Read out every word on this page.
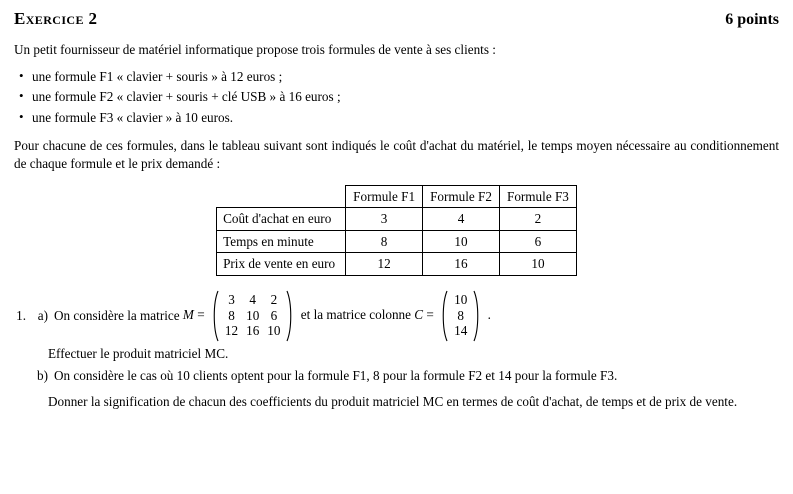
Exercice 2	6 points
Un petit fournisseur de matériel informatique propose trois formules de vente à ses clients :
• une formule F1 « clavier + souris » à 12 euros ;
• une formule F2 « clavier + souris + clé USB » à 16 euros ;
• une formule F3 « clavier » à 10 euros.
Pour chacune de ces formules, dans le tableau suivant sont indiqués le coût d'achat du matériel, le temps moyen nécessaire au conditionnement de chaque formule et le prix demandé :
	Formule F1	Formule F2	Formule F3
Coût d'achat en euro	3	4	2
Temps en minute	8	10	6
Prix de vente en euro	12	16	10
1. a) On considère la matrice M =
3	4	2
8 10 6
12 16 10
et la matrice colonne C =
10
8
14
.
Effectuer le produit matriciel MC.
b) On considère le cas où 10 clients optent pour la formule F1, 8 pour la formule F2 et 14 pour la formule F3.
Donner la signification de chacun des coefficients du produit matriciel MC en termes de coût d'achat, de temps et de prix de vente.
